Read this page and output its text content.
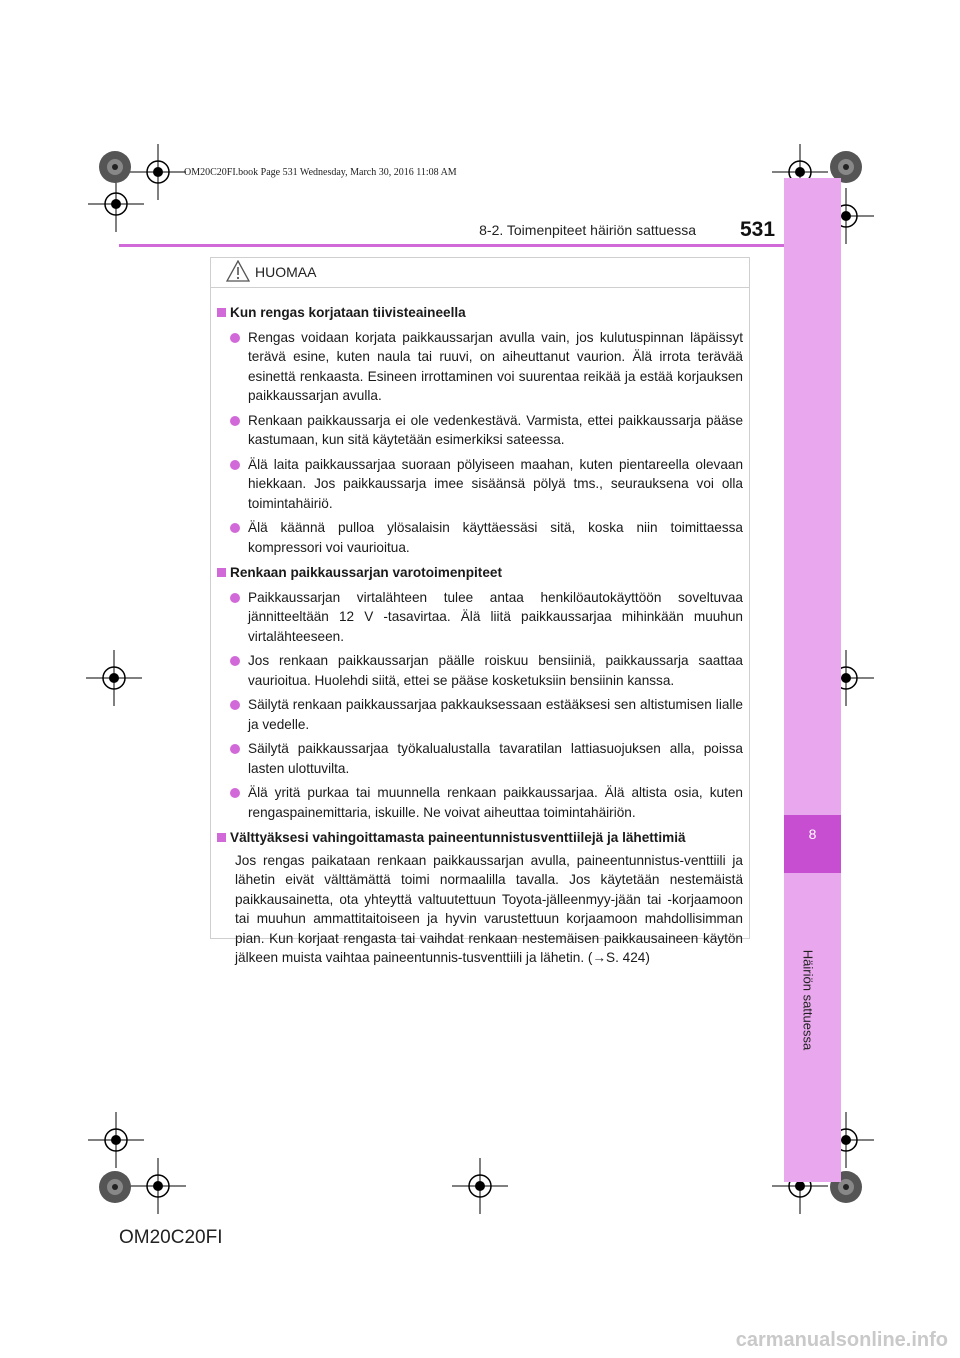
OM20C20FI.book Page 531 Wednesday, March 30, 2016 11:08 AM
8
Häiriön sattuessa
8-2. Toimenpiteet häiriön sattuessa 531
HUOMAA
Kun rengas korjataan tiivisteaineella
Rengas voidaan korjata paikkaussarjan avulla vain, jos kulutuspinnan läpäissyt terävä esine, kuten naula tai ruuvi, on aiheuttanut vaurion. Älä irrota terävää esinettä renkaasta. Esineen irrottaminen voi suurentaa reikää ja estää korjauksen paikkaussarjan avulla.
Renkaan paikkaussarja ei ole vedenkestävä. Varmista, ettei paikkaussarja pääse kastumaan, kun sitä käytetään esimerkiksi sateessa.
Älä laita paikkaussarjaa suoraan pölyiseen maahan, kuten pientareella olevaan hiekkaan. Jos paikkaussarja imee sisäänsä pölyä tms., seurauksena voi olla toimintahäiriö.
Älä käännä pulloa ylösalaisin käyttäessäsi sitä, koska niin toimittaessa kompressori voi vaurioitua.
Renkaan paikkaussarjan varotoimenpiteet
Paikkaussarjan virtalähteen tulee antaa henkilöautokäyttöön soveltuvaa jännitteeltään 12 V -tasavirtaa. Älä liitä paikkaussarjaa mihinkään muuhun virtalähteeseen.
Jos renkaan paikkaussarjan päälle roiskuu bensiiniä, paikkaussarja saattaa vaurioitua. Huolehdi siitä, ettei se pääse kosketuksiin bensiinin kanssa.
Säilytä renkaan paikkaussarjaa pakkauksessaan estääksesi sen altistumisen lialle ja vedelle.
Säilytä paikkaussarjaa työkalualustalla tavaratilan lattiasuojuksen alla, poissa lasten ulottuvilta.
Älä yritä purkaa tai muunnella renkaan paikkaussarjaa. Älä altista osia, kuten rengaspainemittaria, iskuille. Ne voivat aiheuttaa toimintahäiriön.
Välttyäksesi vahingoittamasta paineentunnistusventtiilejä ja lähettimiä
Jos rengas paikataan renkaan paikkaussarjan avulla, paineentunnistus-venttiili ja lähetin eivät välttämättä toimi normaalilla tavalla. Jos käytetään nestemäistä paikkausainetta, ota yhteyttä valtuutettuun Toyota-jälleenmyy-jään tai -korjaamoon tai muuhun ammattitaitoiseen ja hyvin varustettuun korjaamoon mahdollisimman pian. Kun korjaat rengasta tai vaihdat renkaan nestemäisen paikkausaineen käytön jälkeen muista vaihtaa paineentunnis-tusventtiili ja lähetin. (→S. 424)
OM20C20FI
carmanualsonline.info
